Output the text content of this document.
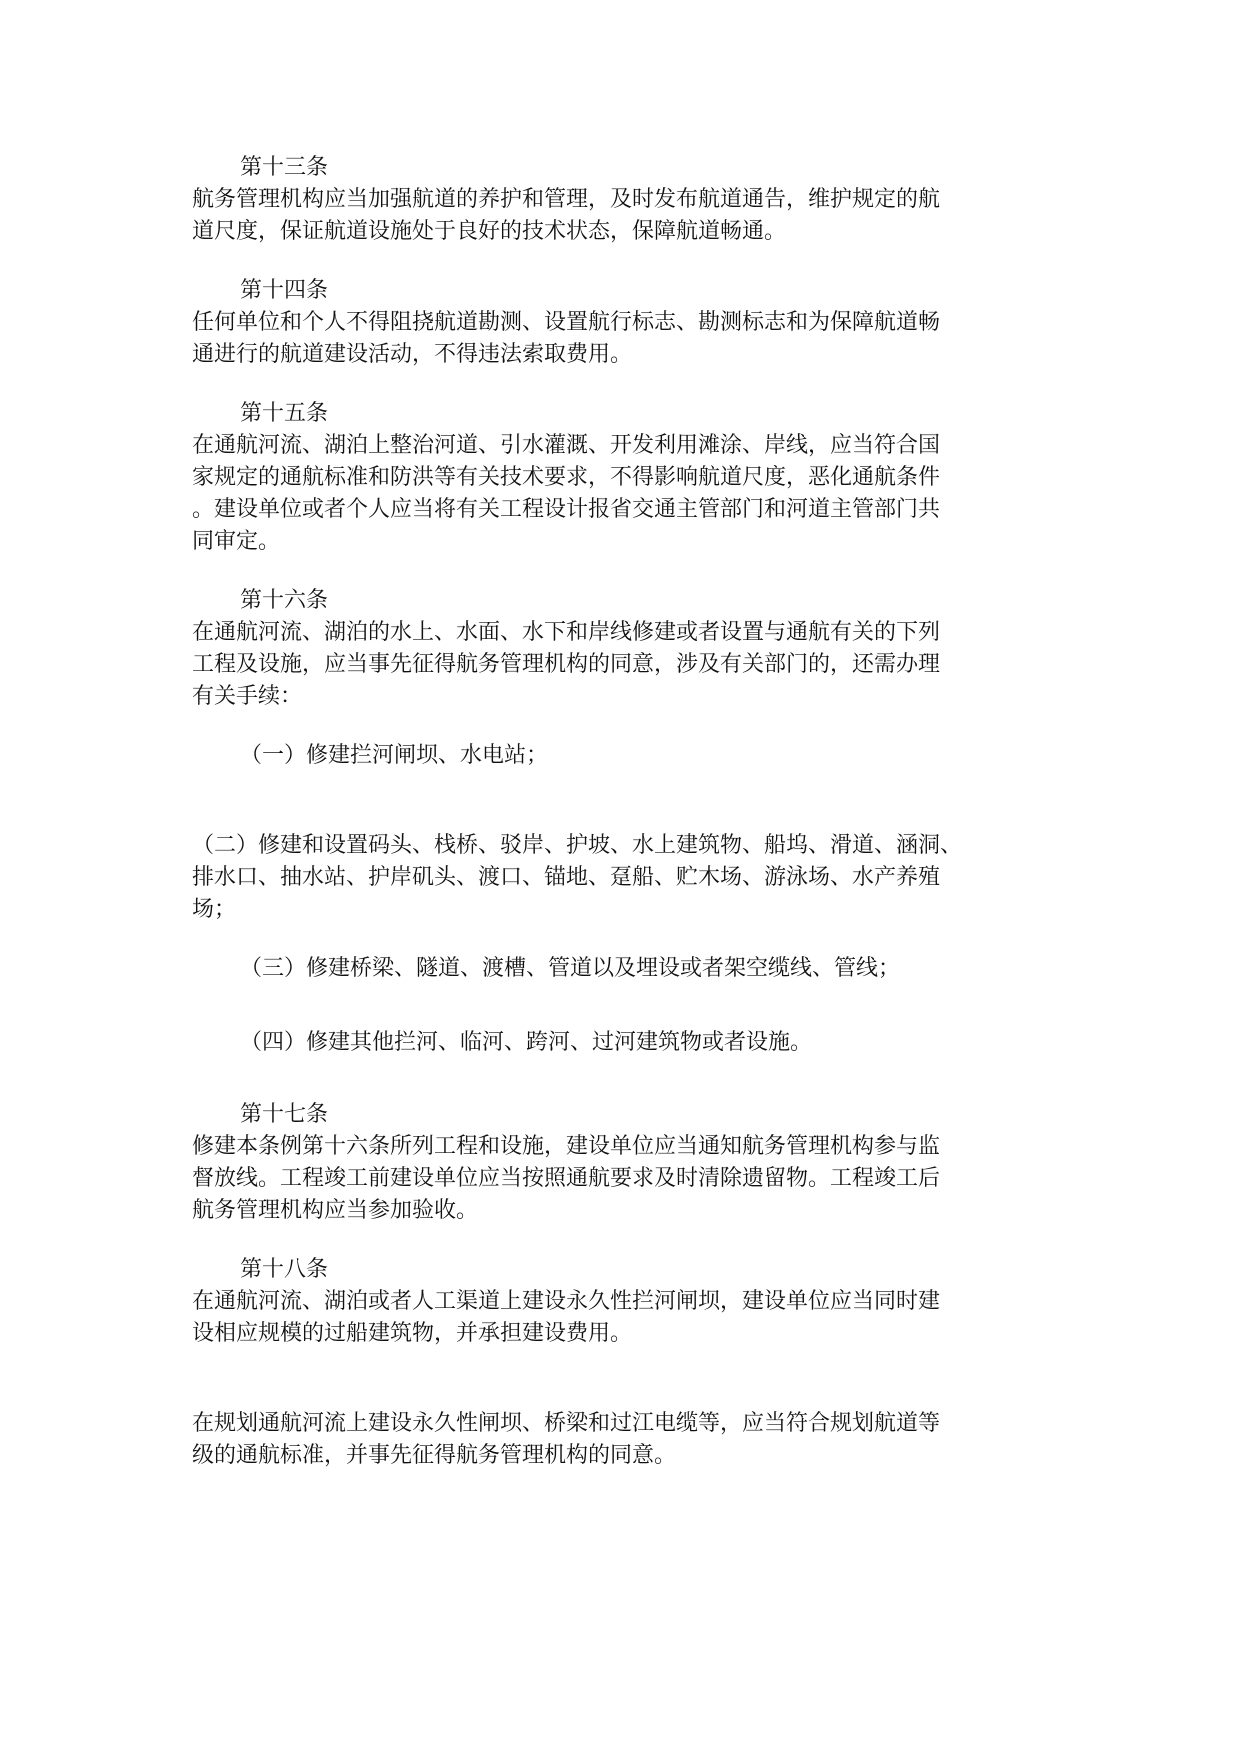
第十三条
航务管理机构应当加强航道的养护和管理，及时发布航道通告，维护规定的航
道尺度，保证航道设施处于良好的技术状态，保障航道畅通。
第十四条
任何单位和个人不得阻挠航道勘测、设置航行标志、勘测标志和为保障航道畅
通进行的航道建设活动，不得违法索取费用。
第十五条
在通航河流、湖泊上整治河道、引水灌溉、开发利用滩涂、岸线，应当符合国
家规定的通航标准和防洪等有关技术要求，不得影响航道尺度，恶化通航条件
。建设单位或者个人应当将有关工程设计报省交通主管部门和河道主管部门共
同审定。
第十六条
在通航河流、湖泊的水上、水面、水下和岸线修建或者设置与通航有关的下列
工程及设施，应当事先征得航务管理机构的同意，涉及有关部门的，还需办理
有关手续：
（一）修建拦河闸坝、水电站；
（二）修建和设置码头、栈桥、驳岸、护坡、水上建筑物、船坞、滑道、涵洞、
排水口、抽水站、护岸矶头、渡口、锚地、趸船、贮木场、游泳场、水产养殖
场；
（三）修建桥梁、隧道、渡槽、管道以及埋设或者架空缆线、管线；
（四）修建其他拦河、临河、跨河、过河建筑物或者设施。
第十七条
修建本条例第十六条所列工程和设施，建设单位应当通知航务管理机构参与监
督放线。工程竣工前建设单位应当按照通航要求及时清除遗留物。工程竣工后
航务管理机构应当参加验收。
第十八条
在通航河流、湖泊或者人工渠道上建设永久性拦河闸坝，建设单位应当同时建
设相应规模的过船建筑物，并承担建设费用。
在规划通航河流上建设永久性闸坝、桥梁和过江电缆等，应当符合规划航道等
级的通航标准，并事先征得航务管理机构的同意。
